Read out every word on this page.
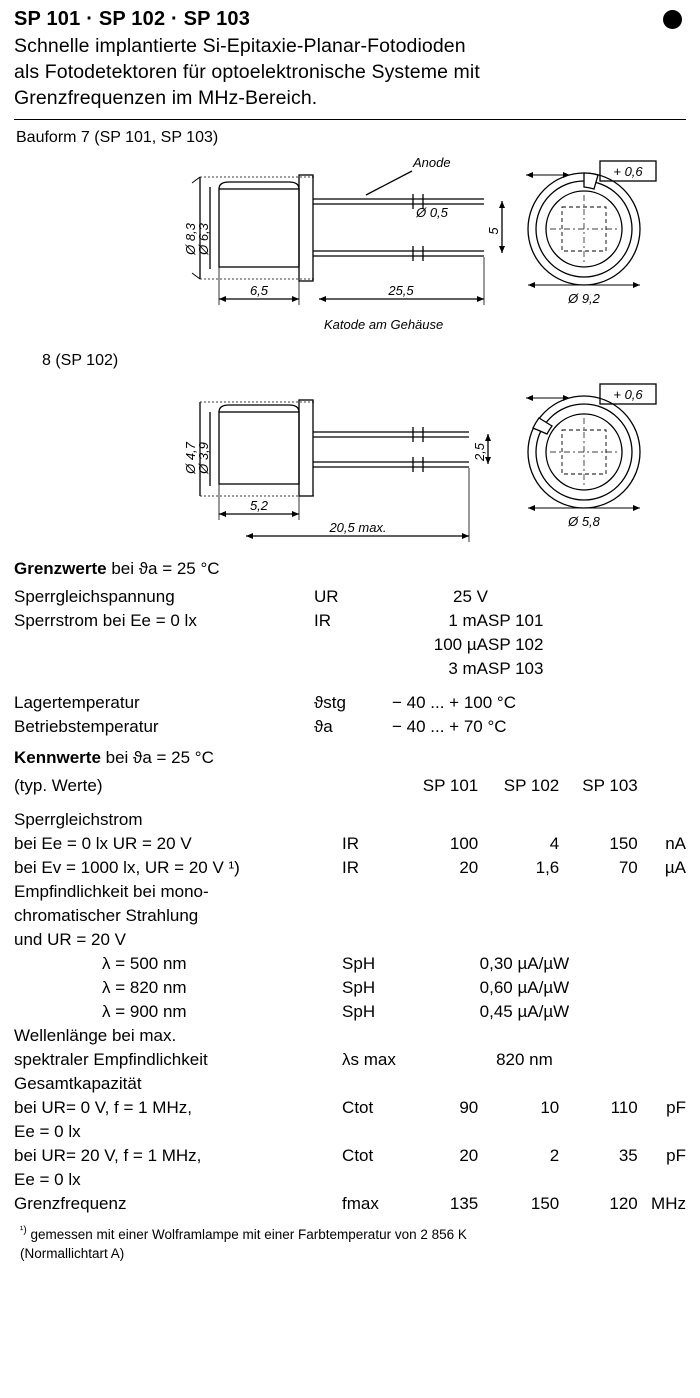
SP 101 · SP 102 · SP 103
Schnelle implantierte Si-Epitaxie-Planar-Fotodioden
als Fotodetektoren für optoelektronische Systeme mit
Grenzfrequenzen im MHz-Bereich.
Bauform 7 (SP 101, SP 103)
Anode
Ø 8,3
Ø 6,3
Ø 0,5
6,5	25,5
5
Ø 9,2
+ 0,6
Katode am Gehäuse
8 (SP 102)
Ø 4,7
Ø 3,9
5,2
20,5 max.
2,5
Ø 5,8
+ 0,6
Grenzwerte bei ϑa = 25 °C
Sperrgleichspannung	UR	25 V	
Sperrstrom bei Ee = 0 lx	IR	1 mA	SP 101
		100 µA	SP 102
		3 mA	SP 103

Lagertemperatur	ϑstg	− 40 ... + 100 °C	
Betriebstemperatur	ϑa	− 40 ... + 70 °C	
Kennwerte bei ϑa = 25 °C
(typ. Werte)		SP 101	SP 102	SP 103	

Sperrgleichstrom					
bei Ee = 0 lx UR = 20 V	IR	100	4	150	nA
bei Ev = 1000 lx, UR = 20 V ¹)	IR	20	1,6	70	µA
Empfindlichkeit bei mono-					
chromatischer Strahlung					
und UR = 20 V					
λ = 500 nm	SpH	0,30 µA/µW			
λ = 820 nm	SpH	0,60 µA/µW			
λ = 900 nm	SpH	0,45 µA/µW			
Wellenlänge bei max.					
spektraler Empfindlichkeit	λs max	820 nm			
Gesamtkapazität					
bei UR= 0 V, f = 1 MHz,	Ctot	90	10	110	pF
Ee = 0 lx					
bei UR= 20 V, f = 1 MHz,	Ctot	20	2	35	pF
Ee = 0 lx					
Grenzfrequenz	fmax	135	150	120	MHz
$^{^1)}$ gemessen mit einer Wolframlampe mit einer Farbtemperatur von 2 856 K
(Normallichtart A)
